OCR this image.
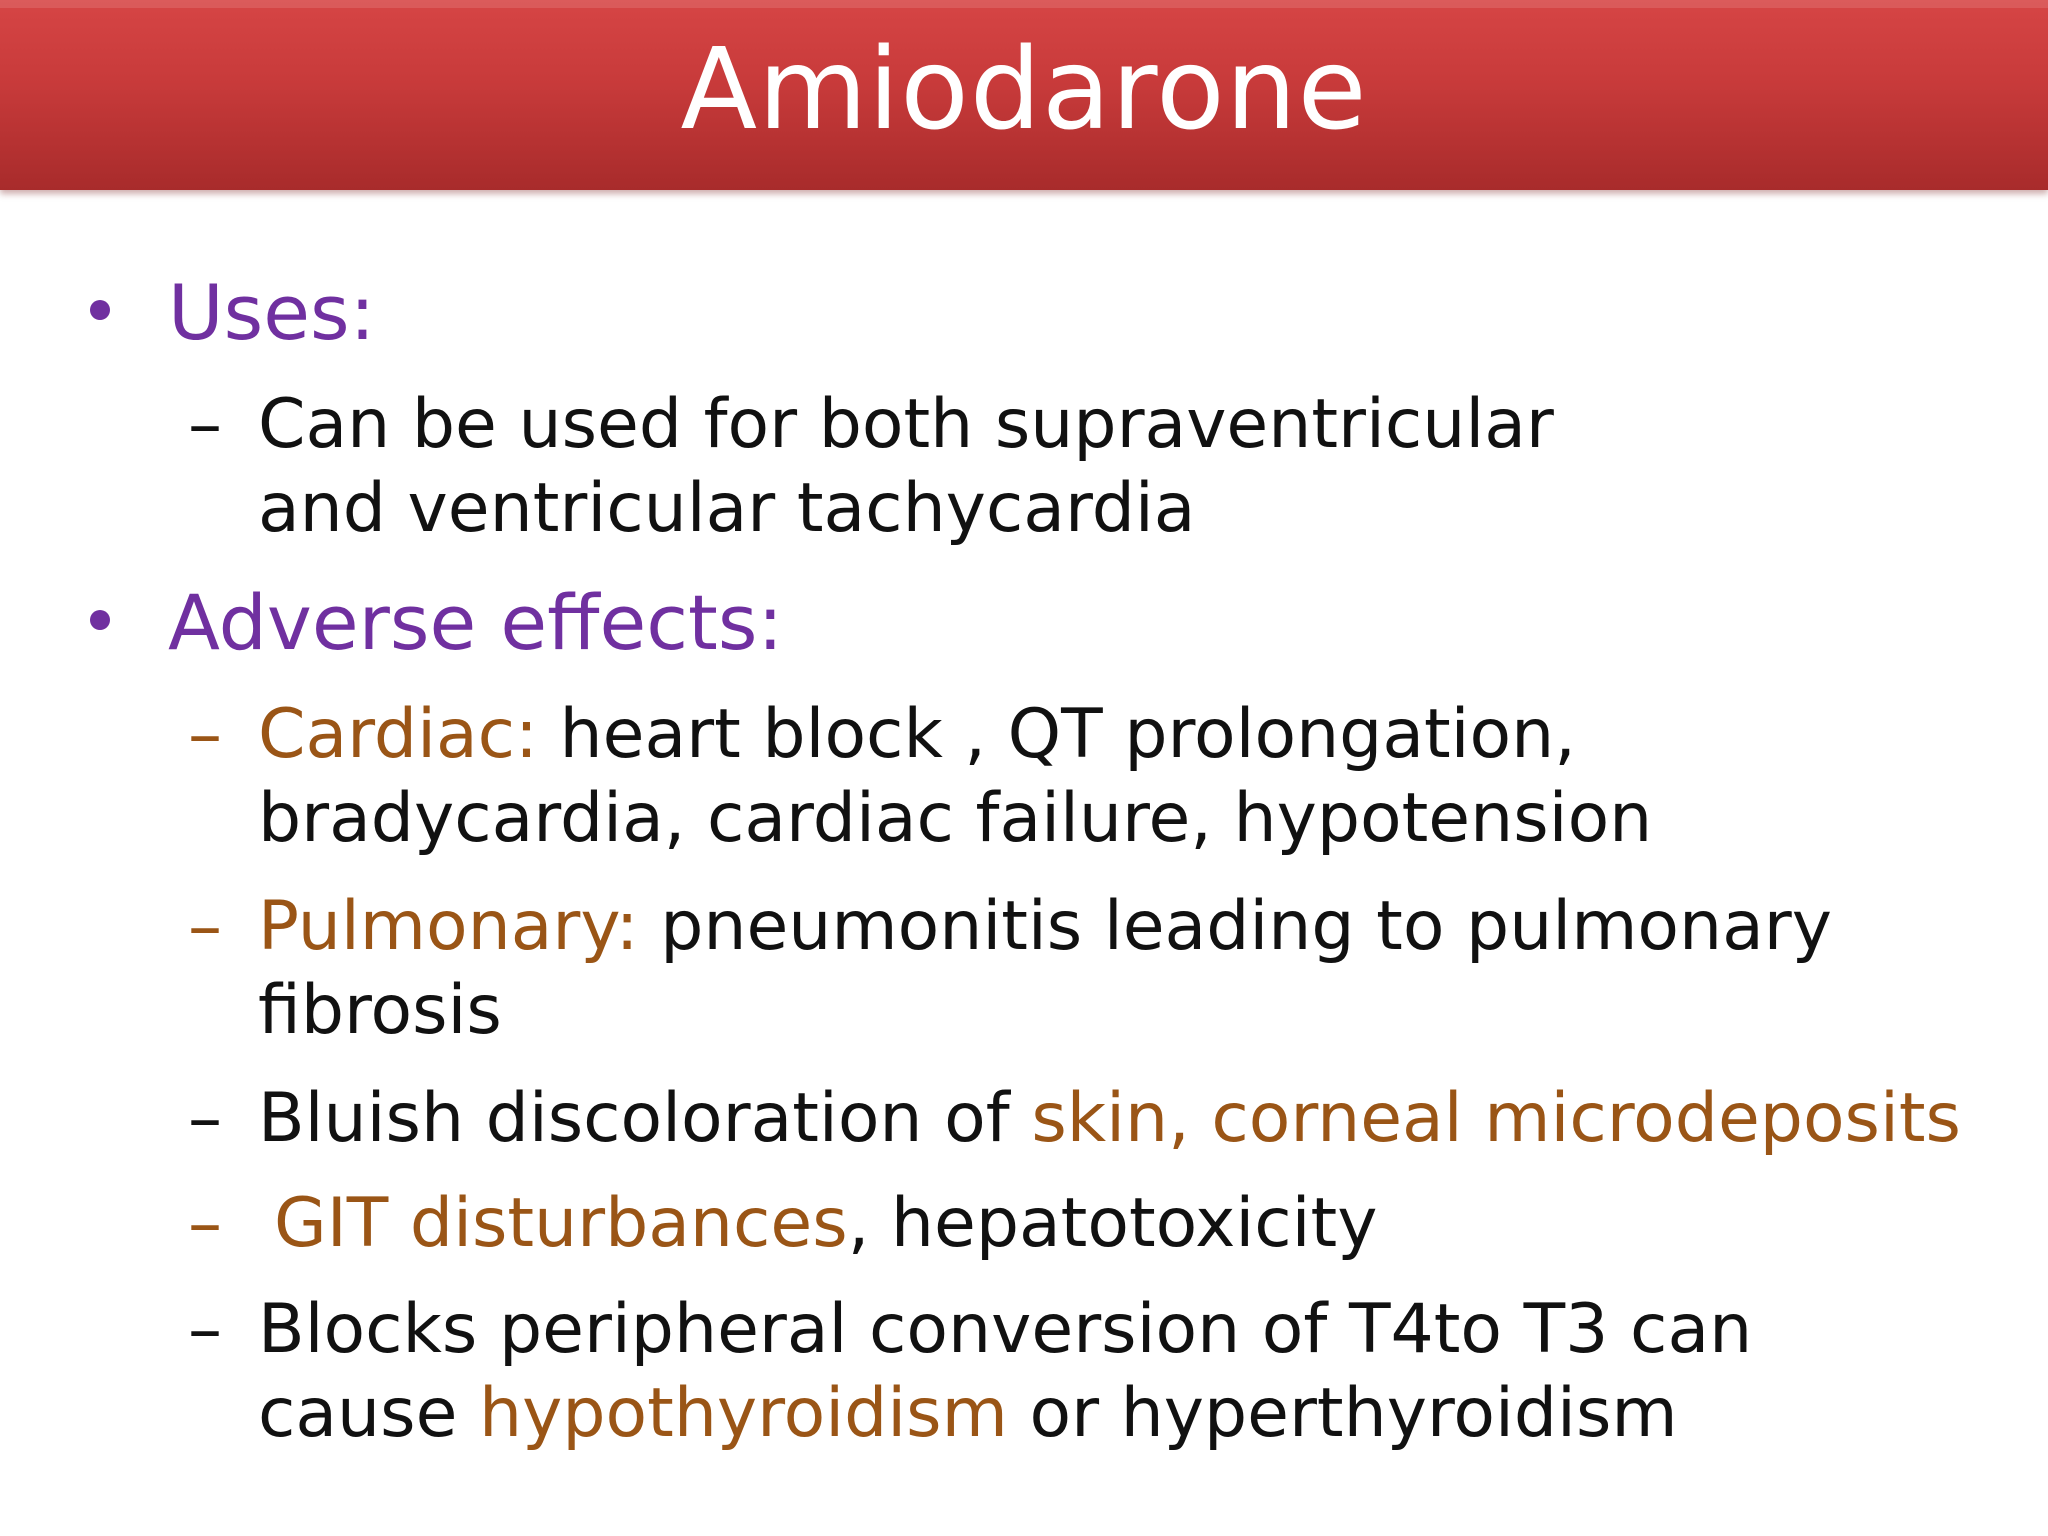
Amiodarone
Uses:
– Can be used for both supraventricular and ventricular tachycardia
Adverse effects:
– Cardiac: heart block , QT prolongation, bradycardia, cardiac failure, hypotension
– Pulmonary: pneumonitis leading to pulmonary fibrosis
– Bluish discoloration of skin, corneal microdeposits
– GIT disturbances, hepatotoxicity
– Blocks peripheral conversion of T4to T3 can cause hypothyroidism or hyperthyroidism
